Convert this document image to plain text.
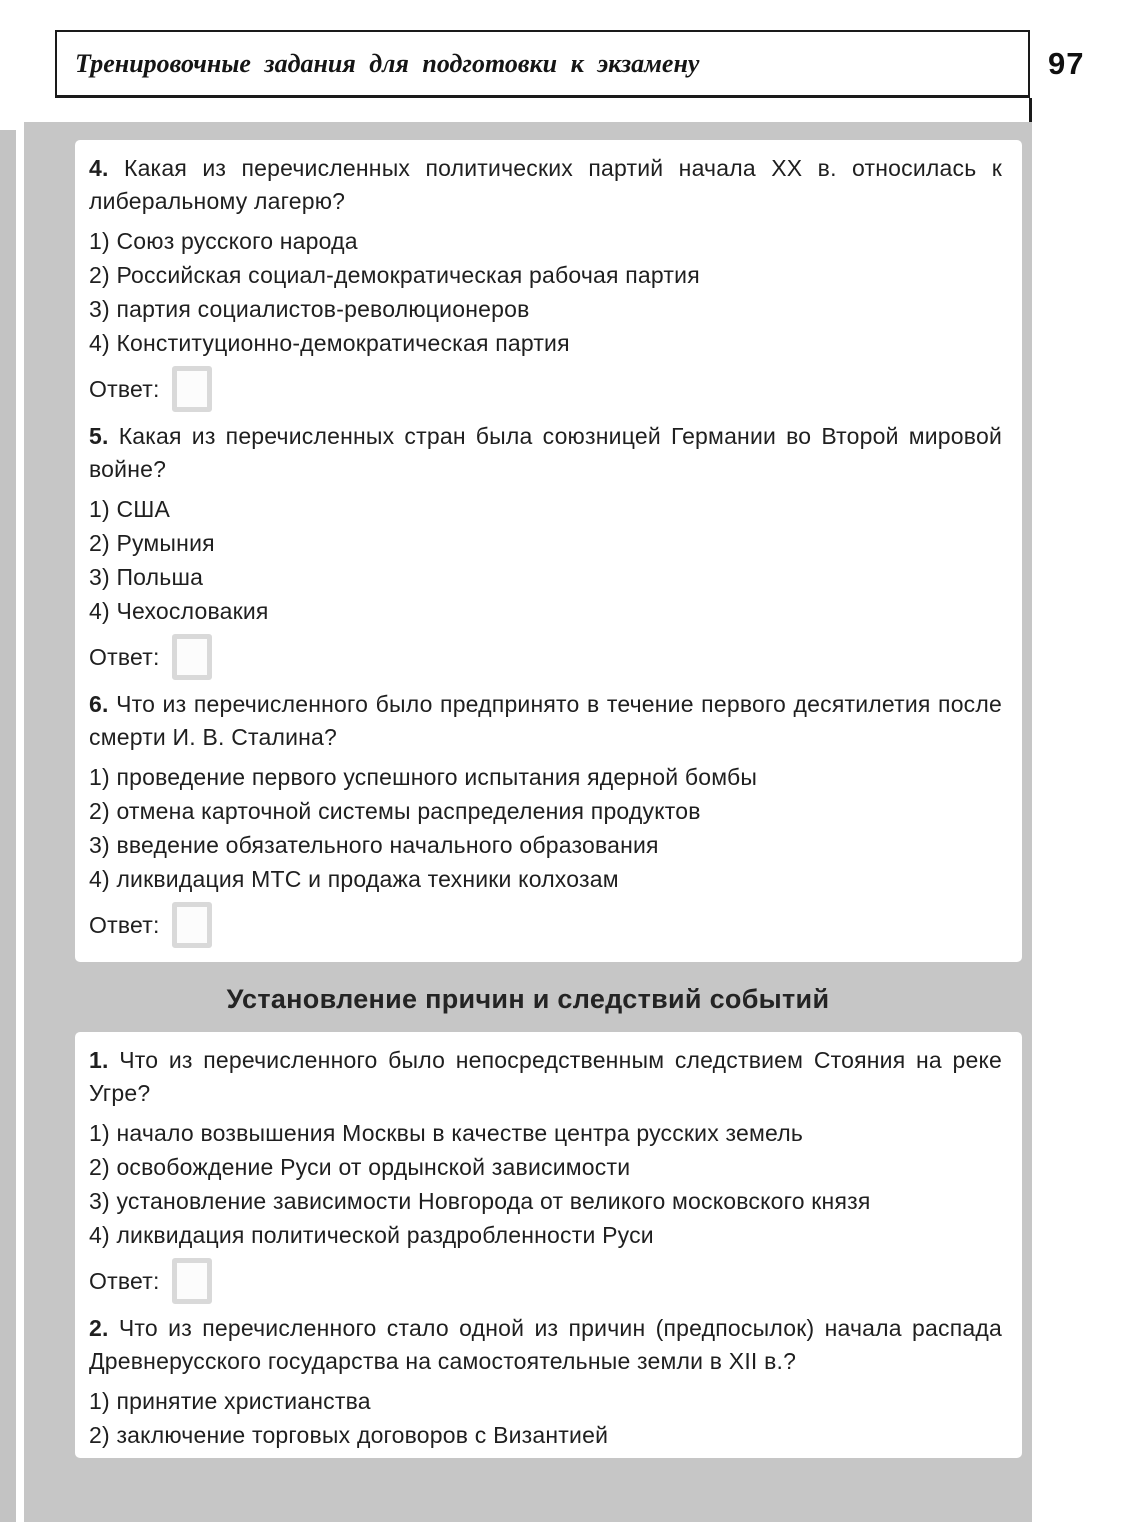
Тренировочные задания для подготовки к экзамену	97

4. Какая из перечисленных политических партий начала XX в. относилась к либеральному лагерю?

1) Союз русского народа
2) Российская социал-демократическая рабочая партия
3) партия социалистов-революционеров
4) Конституционно-демократическая партия
Ответ:

5. Какая из перечисленных стран была союзницей Германии во Второй мировой войне?

1) США
2) Румыния
3) Польша
4) Чехословакия
Ответ:

6. Что из перечисленного было предпринято в течение первого десятилетия после смерти И. В. Сталина?

1) проведение первого успешного испытания ядерной бомбы
2) отмена карточной системы распределения продуктов
3) введение обязательного начального образования
4) ликвидация МТС и продажа техники колхозам
Ответ:
Установление причин и следствий событий

1. Что из перечисленного было непосредственным следствием Стояния на реке Угре?

1) начало возвышения Москвы в качестве центра русских земель
2) освобождение Руси от ордынской зависимости
3) установление зависимости Новгорода от великого московского князя
4) ликвидация политической раздробленности Руси
Ответ:

2. Что из перечисленного стало одной из причин (предпосылок) начала распада Древнерусского государства на самостоятельные земли в XII в.?

1) принятие христианства
2) заключение торговых договоров с Византией
